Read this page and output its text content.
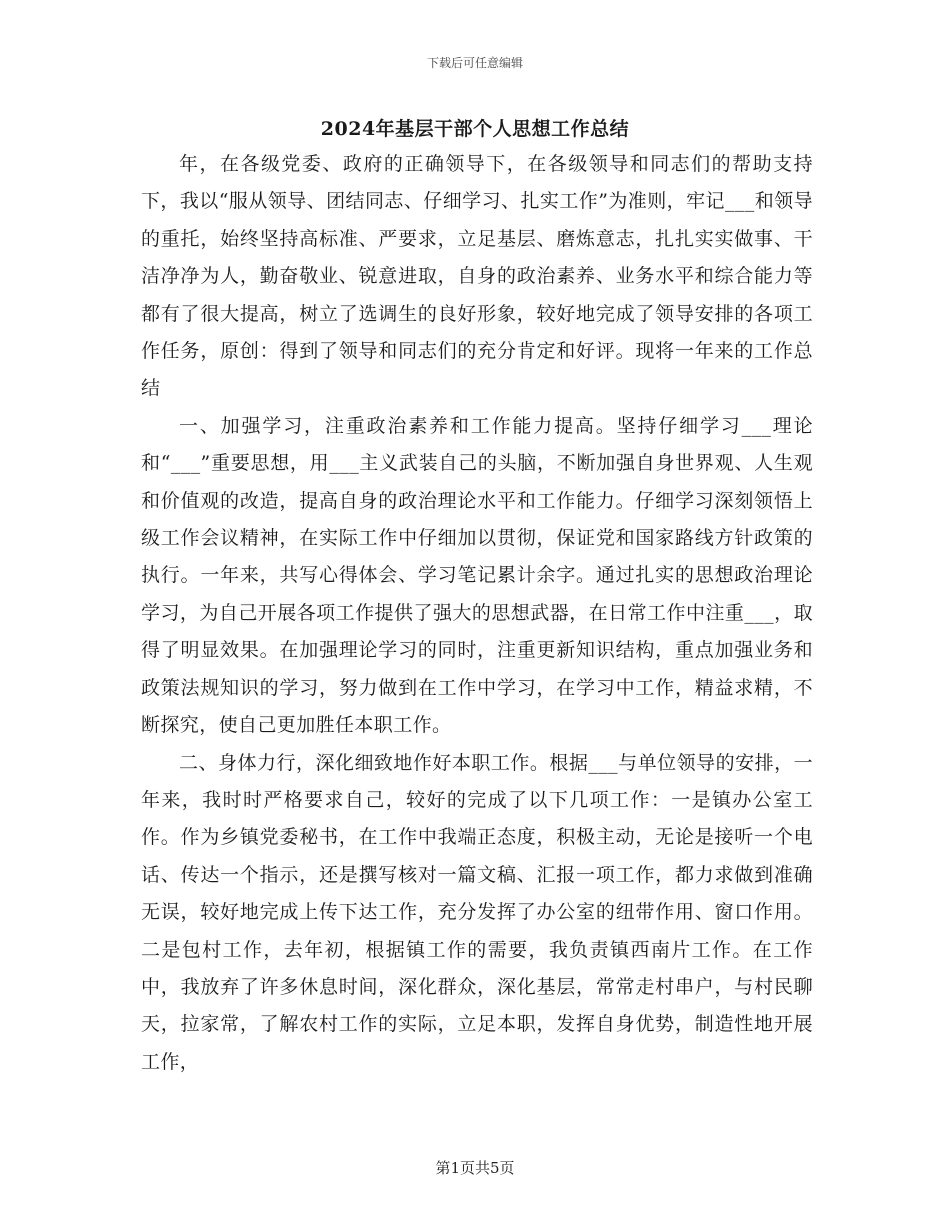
下载后可任意编辑
2024年基层干部个人思想工作总结

年，在各级党委、政府的正确领导下，在各级领导和同志们的帮助支持下，我以“服从领导、团结同志、仔细学习、扎实工作”为准则，牢记___和领导的重托，始终坚持高标准、严要求，立足基层、磨炼意志，扎扎实实做事、干洁净净为人，勤奋敬业、锐意进取，自身的政治素养、业务水平和综合能力等都有了很大提高，树立了选调生的良好形象，较好地完成了领导安排的各项工作任务，原创：得到了领导和同志们的充分肯定和好评。现将一年来的工作总结

一、加强学习，注重政治素养和工作能力提高。坚持仔细学习___理论和“___”重要思想，用___主义武装自己的头脑，不断加强自身世界观、人生观和价值观的改造，提高自身的政治理论水平和工作能力。仔细学习深刻领悟上级工作会议精神，在实际工作中仔细加以贯彻，保证党和国家路线方针政策的执行。一年来，共写心得体会、学习笔记累计余字。通过扎实的思想政治理论学习，为自己开展各项工作提供了强大的思想武器，在日常工作中注重___，取得了明显效果。在加强理论学习的同时，注重更新知识结构，重点加强业务和政策法规知识的学习，努力做到在工作中学习，在学习中工作，精益求精，不断探究，使自己更加胜任本职工作。

二、身体力行，深化细致地作好本职工作。根据___与单位领导的安排，一年来，我时时严格要求自己，较好的完成了以下几项工作：一是镇办公室工作。作为乡镇党委秘书，在工作中我端正态度，积极主动，无论是接听一个电话、传达一个指示，还是撰写核对一篇文稿、汇报一项工作，都力求做到准确无误，较好地完成上传下达工作，充分发挥了办公室的纽带作用、窗口作用。二是包村工作，去年初，根据镇工作的需要，我负责镇西南片工作。在工作中，我放弃了许多休息时间，深化群众，深化基层，常常走村串户，与村民聊天，拉家常，了解农村工作的实际，立足本职，发挥自身优势，制造性地开展工作，

第1页共5页
